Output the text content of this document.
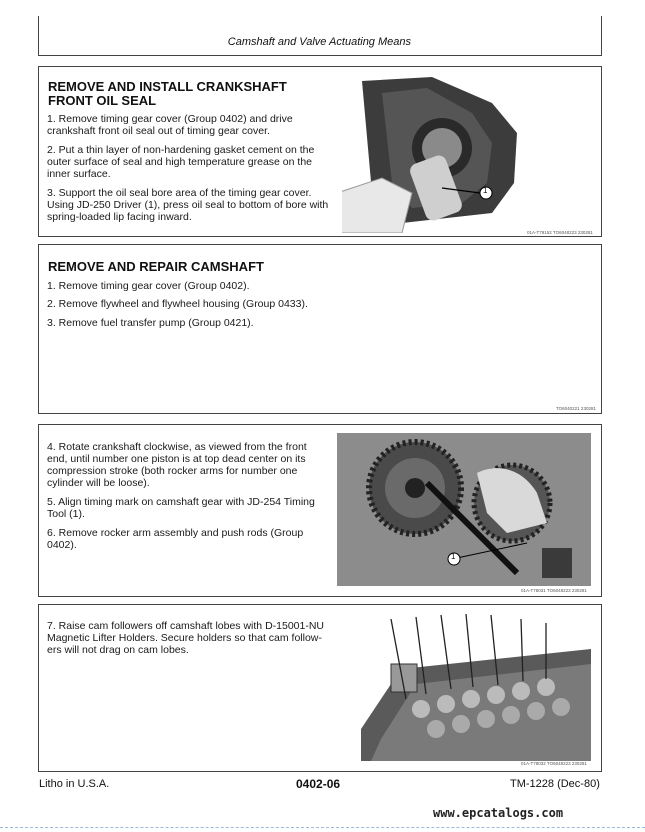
Camshaft and Valve Actuating Means
REMOVE AND INSTALL CRANKSHAFT
FRONT OIL SEAL
1. Remove timing gear cover (Group 0402) and drive
crankshaft front oil seal out of timing gear cover.
2. Put a thin layer of non-hardening gasket cement on the
outer surface of seal and high temperature grease on the
inner surface.
3. Support the oil seal bore area of the timing gear cover.
Using JD-250 Driver (1), press oil seal to bottom of bore with
spring-loaded lip facing inward.
1
01A-T79152 TO6048223 230281
REMOVE AND REPAIR CAMSHAFT
1. Remove timing gear cover (Group 0402).
2. Remove flywheel and flywheel housing (Group 0433).
3. Remove fuel transfer pump (Group 0421).
TO6040221 230281
4. Rotate crankshaft clockwise, as viewed from the front
end, until number one piston is at top dead center on its
compression stroke (both rocker arms for number one
cylinder will be loose).
5. Align timing mark on camshaft gear with JD-254 Timing
Tool (1).
6. Remove rocker arm assembly and push rods (Group
0402).
1
01A-T78031 TO6048223 230281
7. Raise cam followers off camshaft lobes with D-15001-NU
Magnetic Lifter Holders. Secure holders so that cam follow-
ers will not drag on cam lobes.
01A-T78032 TO6048223 230281
Litho in U.S.A.	0402-06	TM-1228 (Dec-80)
www.epcatalogs.com
